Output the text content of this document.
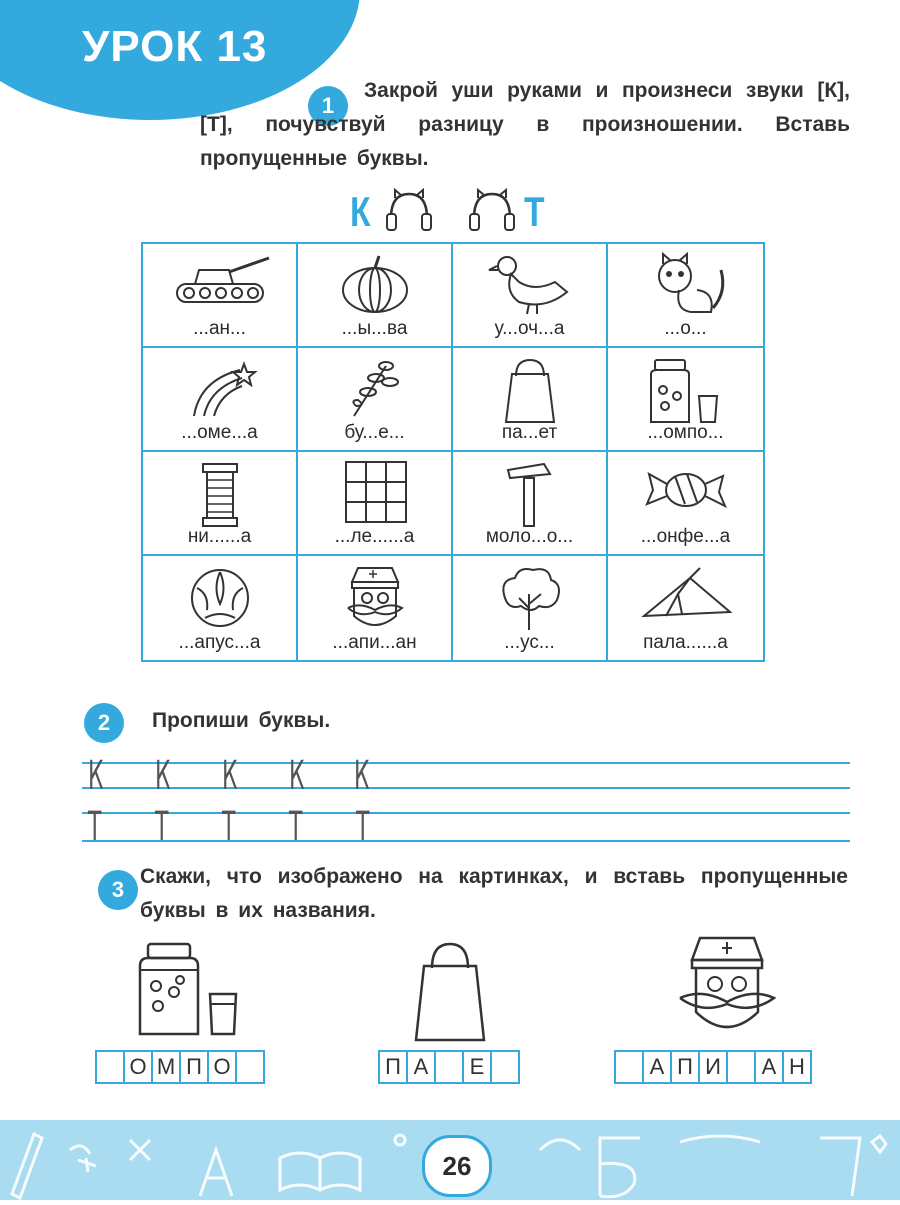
УРОК 13
1
Закрой уши руками и произнеси звуки [К], [Т], почувствуй разницу в произношении. Вставь пропущенные буквы.
К	Т
...ан...	...ы...ва	у...оч...а	...о...
...оме...а	бу...е...	па...ет	...омпо...
ни......а	...ле......а	моло...о...	...онфе...а
...апус...а	...апи...ан	...ус...	пала......а
2	Пропиши буквы.
К К К К К
Т Т Т Т Т
3
Скажи, что изображено на картинках, и вставь пропущенные буквы в их названия.
О М П О	П А	Е	А П И	А Н
26
